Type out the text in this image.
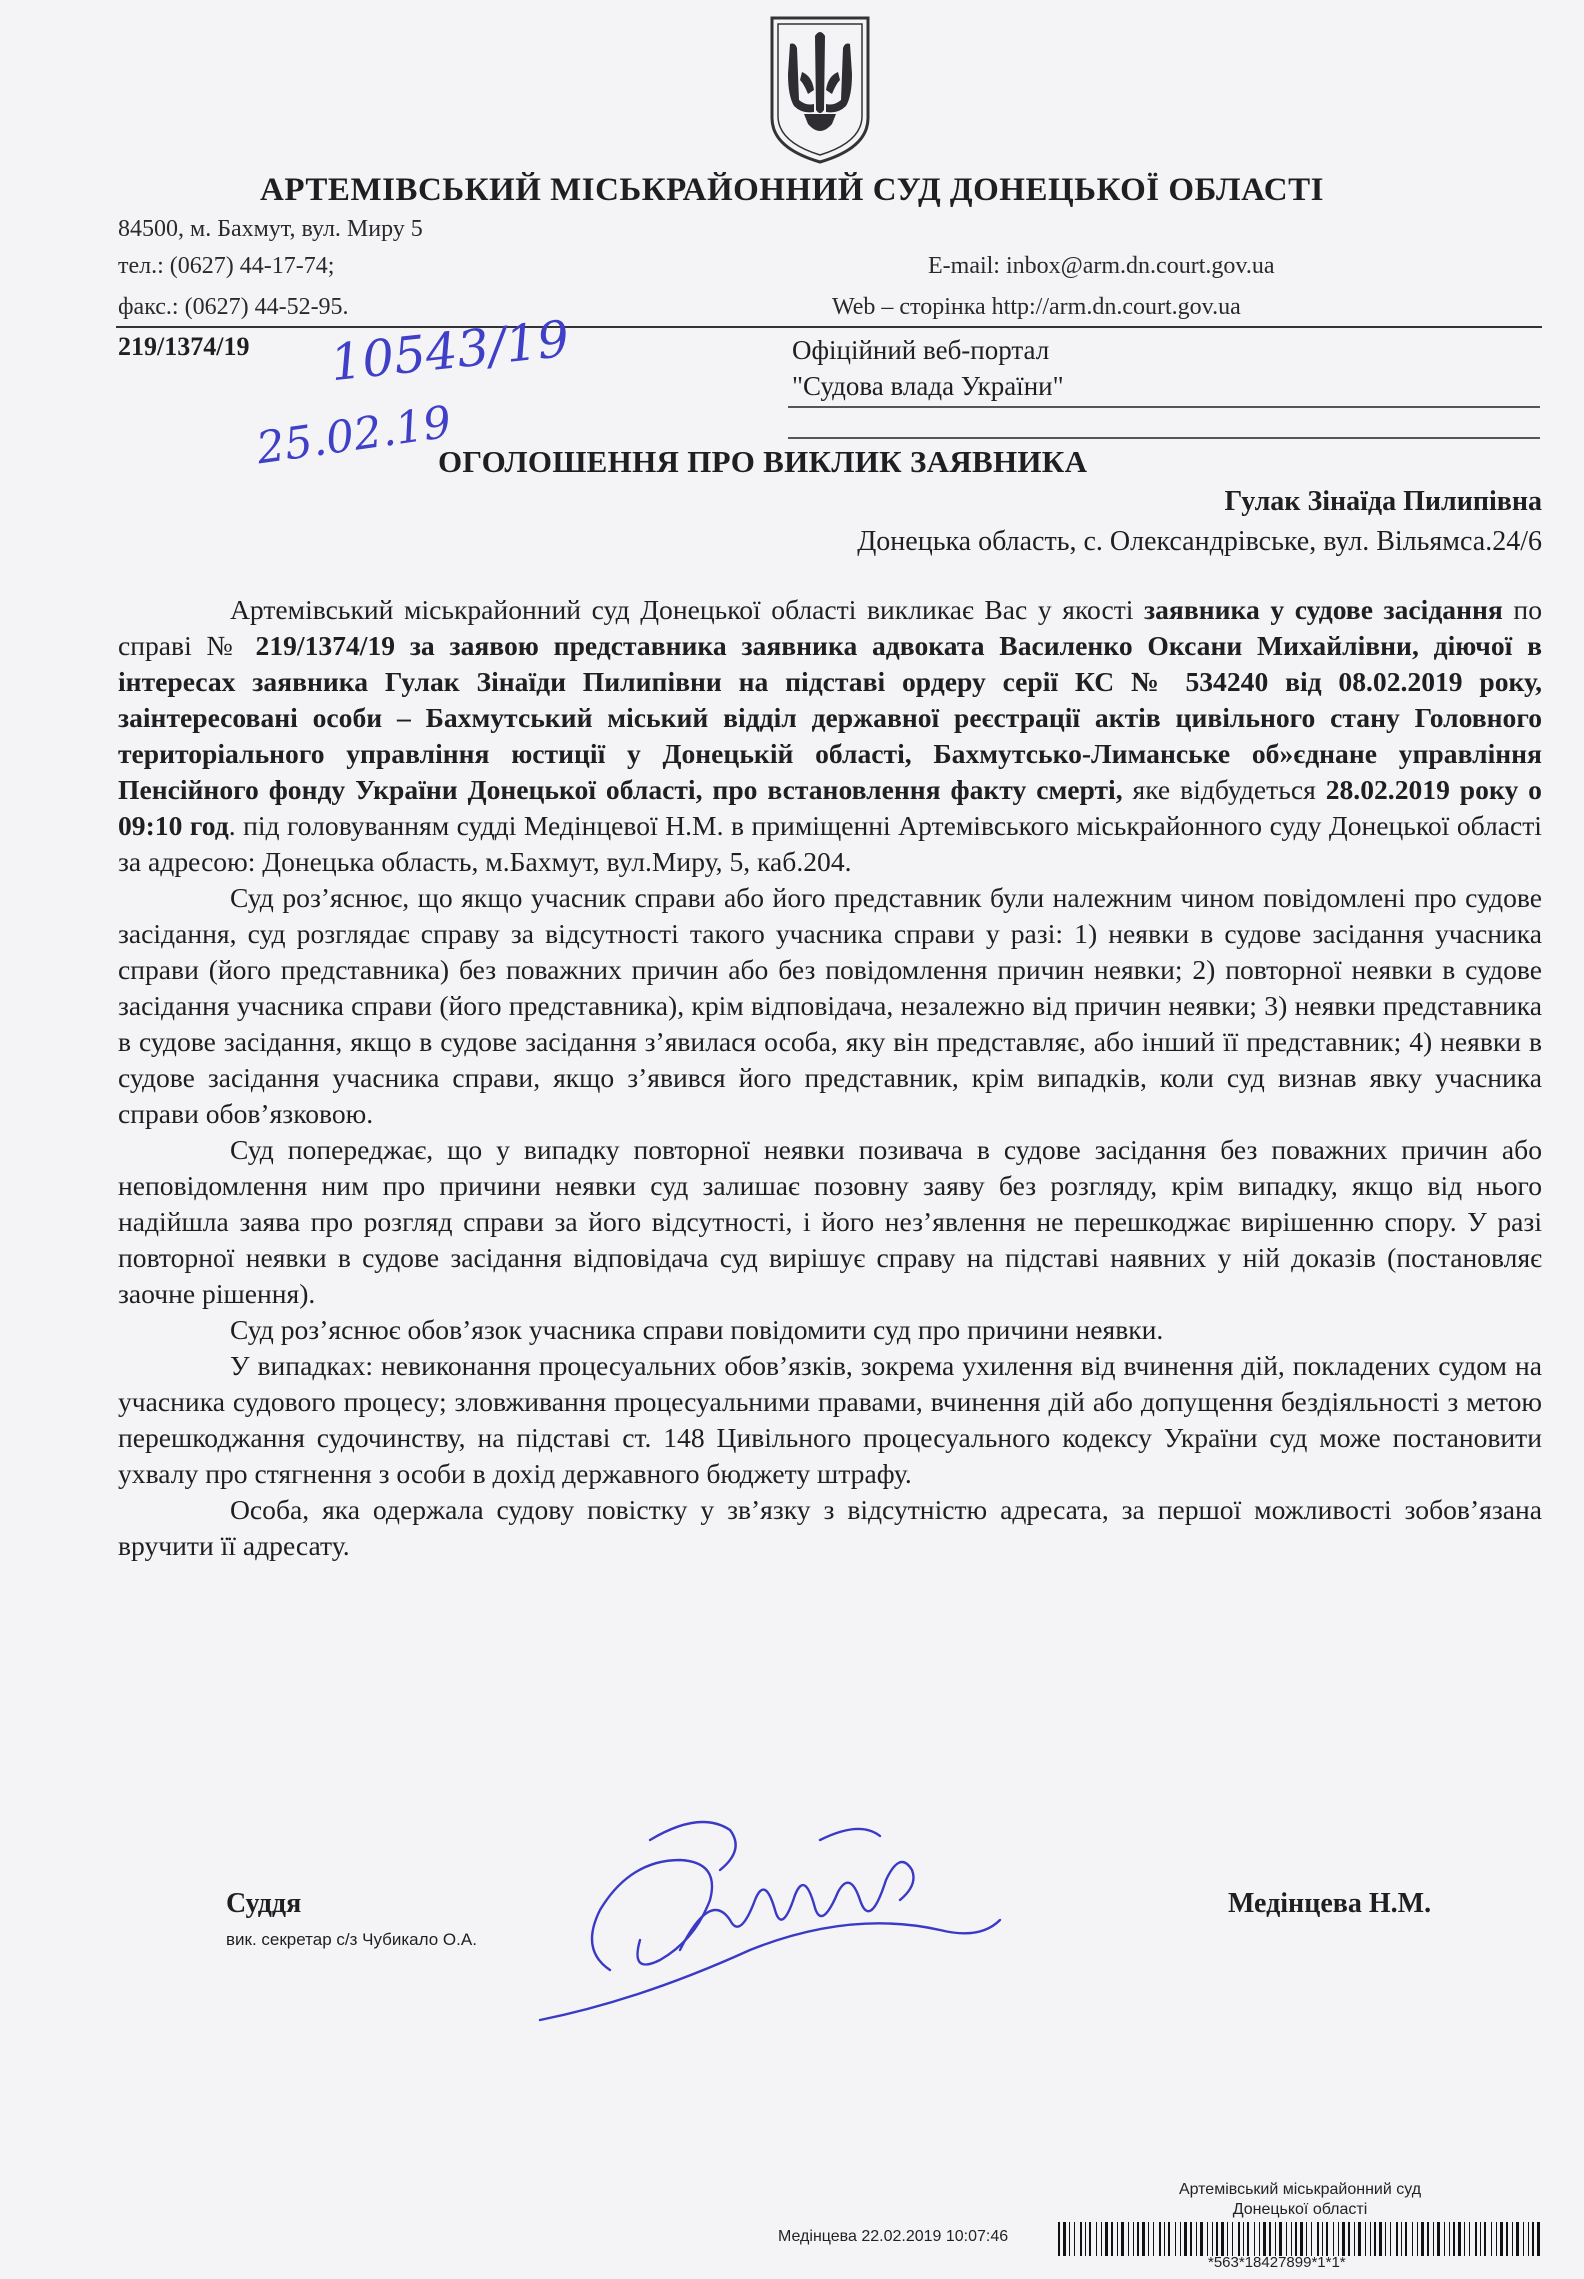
АРТЕМІВСЬКИЙ МІСЬКРАЙОННИЙ СУД ДОНЕЦЬКОЇ ОБЛАСТІ
84500, м. Бахмут, вул. Миру 5
тел.: (0627) 44-17-74;
факс.: (0627) 44-52-95.
E-mail: inbox@arm.dn.court.gov.ua
Web – сторінка http://arm.dn.court.gov.ua
219/1374/19 10543/19
25.02.19
Офіційний веб-портал
"Судова влада України"
ОГОЛОШЕННЯ ПРО ВИКЛИК ЗАЯВНИКА
Гулак Зінаїда Пилипівна
Донецька область, с. Олександрівське, вул. Вільямса.24/6

Артемівський міськрайонний суд Донецької області викликає Вас у якості заявника у судове засідання по справі № 219/1374/19 за заявою представника заявника адвоката Василенко Оксани Михайлівни, діючої в інтересах заявника Гулак Зінаїди Пилипівни на підставі ордеру серії КС № 534240 від 08.02.2019 року, заінтересовані особи – Бахмутський міський відділ державної реєстрації актів цивільного стану Головного територіального управління юстиції у Донецькій області, Бахмутсько-Лиманське об»єднане управління Пенсійного фонду України Донецької області, про встановлення факту смерті, яке відбудеться 28.02.2019 року о 09:10 год. під головуванням судді Медінцевої Н.М. в приміщенні Артемівського міськрайонного суду Донецької області за адресою: Донецька область, м.Бахмут, вул.Миру, 5, каб.204.

Суд роз’яснює, що якщо учасник справи або його представник були належним чином повідомлені про судове засідання, суд розглядає справу за відсутності такого учасника справи у разі: 1) неявки в судове засідання учасника справи (його представника) без поважних причин або без повідомлення причин неявки; 2) повторної неявки в судове засідання учасника справи (його представника), крім відповідача, незалежно від причин неявки; 3) неявки представника в судове засідання, якщо в судове засідання з’явилася особа, яку він представляє, або інший її представник; 4) неявки в судове засідання учасника справи, якщо з’явився його представник, крім випадків, коли суд визнав явку учасника справи обов’язковою.

Суд попереджає, що у випадку повторної неявки позивача в судове засідання без поважних причин або неповідомлення ним про причини неявки суд залишає позовну заяву без розгляду, крім випадку, якщо від нього надійшла заява про розгляд справи за його відсутності, і його нез’явлення не перешкоджає вирішенню спору. У разі повторної неявки в судове засідання відповідача суд вирішує справу на підставі наявних у ній доказів (постановляє заочне рішення).

Суд роз’яснює обов’язок учасника справи повідомити суд про причини неявки.

У випадках: невиконання процесуальних обов’язків, зокрема ухилення від вчинення дій, покладених судом на учасника судового процесу; зловживання процесуальними правами, вчинення дій або допущення бездіяльності з метою перешкоджання судочинству, на підставі ст. 148 Цивільного процесуального кодексу України суд може постановити ухвалу про стягнення з особи в дохід державного бюджету штрафу.

Особа, яка одержала судову повістку у зв’язку з відсутністю адресата, за першої можливості зобов’язана вручити її адресату.

Суддя
вик. секретар с/з Чубикало О.А.
Медінцева Н.М.
Артемівський міськрайонний суд
Донецької області
Медінцева 22.02.2019 10:07:46
*563*18427899*1*1*
